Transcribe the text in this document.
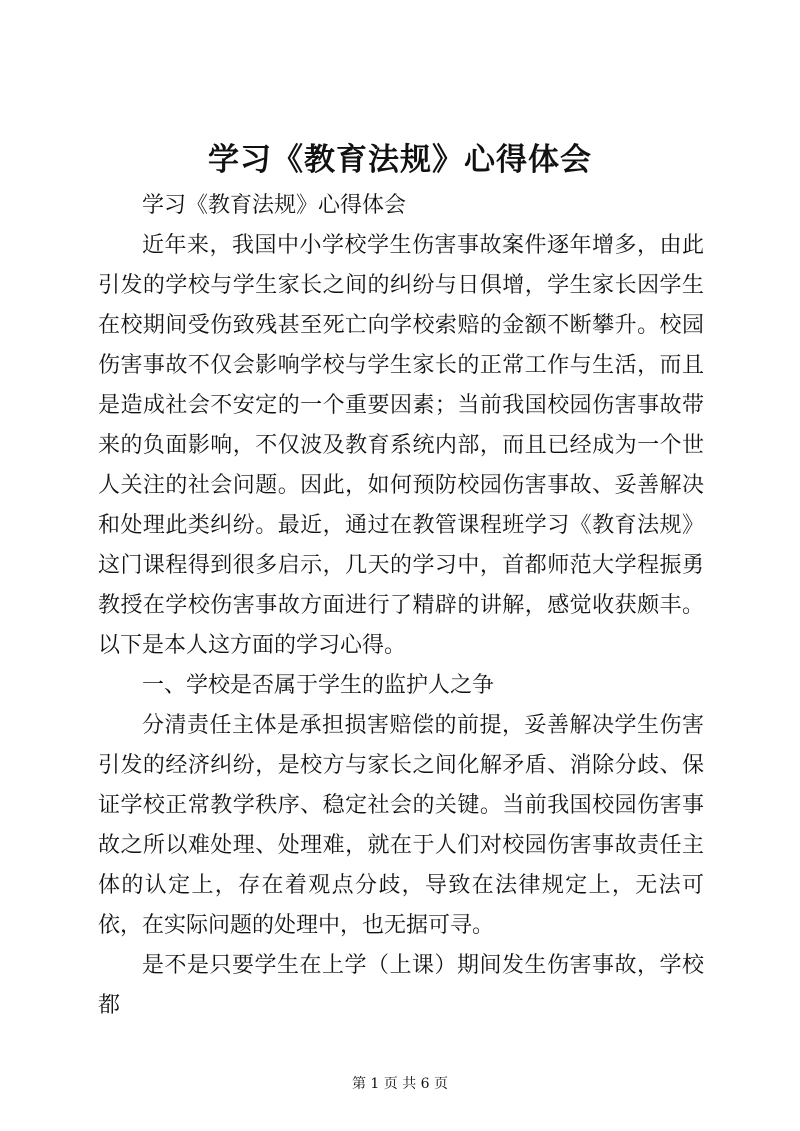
学习《教育法规》心得体会

学习《教育法规》心得体会

近年来，我国中小学校学生伤害事故案件逐年增多，由此引发的学校与学生家长之间的纠纷与日俱增，学生家长因学生在校期间受伤致残甚至死亡向学校索赔的金额不断攀升。校园伤害事故不仅会影响学校与学生家长的正常工作与生活，而且是造成社会不安定的一个重要因素；当前我国校园伤害事故带来的负面影响，不仅波及教育系统内部，而且已经成为一个世人关注的社会问题。因此，如何预防校园伤害事故、妥善解决和处理此类纠纷。最近，通过在教管课程班学习《教育法规》这门课程得到很多启示，几天的学习中，首都师范大学程振勇教授在学校伤害事故方面进行了精辟的讲解，感觉收获颇丰。以下是本人这方面的学习心得。

一、学校是否属于学生的监护人之争

分清责任主体是承担损害赔偿的前提，妥善解决学生伤害引发的经济纠纷，是校方与家长之间化解矛盾、消除分歧、保证学校正常教学秩序、稳定社会的关键。当前我国校园伤害事故之所以难处理、处理难，就在于人们对校园伤害事故责任主体的认定上，存在着观点分歧，导致在法律规定上，无法可依，在实际问题的处理中，也无据可寻。

是不是只要学生在上学（上课）期间发生伤害事故，学校都

第 1 页 共 6 页
